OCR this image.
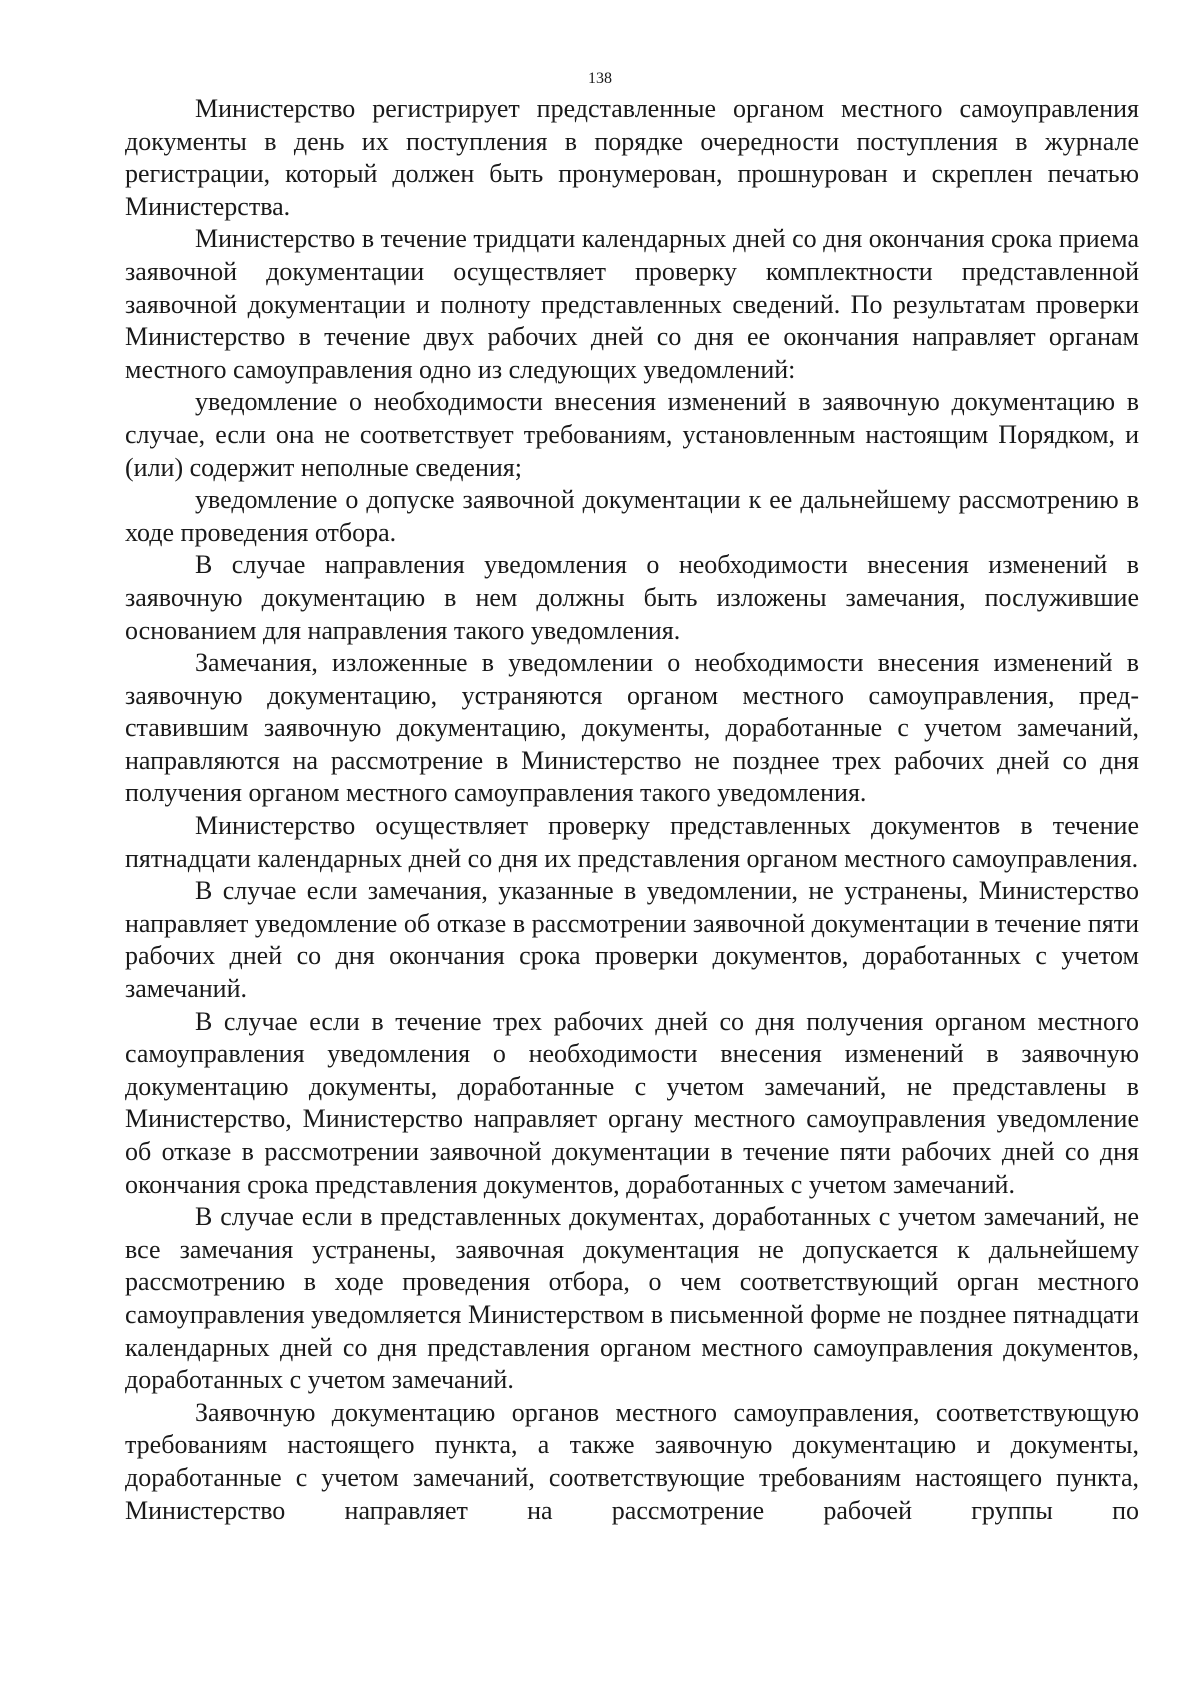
138

Министерство регистрирует представленные органом местного самоуправления документы в день их поступления в порядке очередности поступления в журнале регистрации, который должен быть пронумерован, прошнурован и скреплен печатью Министерства.

Министерство в течение тридцати календарных дней со дня окончания срока приема заявочной документации осуществляет проверку комплектности представленной заявочной документации и полноту представленных сведений. По результатам проверки Министерство в течение двух рабочих дней со дня ее окончания направляет органам местного самоуправления одно из следующих уведомлений:

уведомление о необходимости внесения изменений в заявочную документацию в случае, если она не соответствует требованиям, установленным настоящим Порядком, и (или) содержит неполные сведения;

уведомление о допуске заявочной документации к ее дальнейшему рассмотрению в ходе проведения отбора.

В случае направления уведомления о необходимости внесения изменений в заявочную документацию в нем должны быть изложены замечания, послужившие основанием для направления такого уведомления.

Замечания, изложенные в уведомлении о необходимости внесения изменений в заявочную документацию, устраняются органом местного самоуправления, представившим заявочную документацию, документы, доработанные с учетом замечаний, направляются на рассмотрение в Министерство не позднее трех рабочих дней со дня получения органом местного самоуправления такого уведомления.

Министерство осуществляет проверку представленных документов в течение пятнадцати календарных дней со дня их представления органом местного самоуправления.

В случае если замечания, указанные в уведомлении, не устранены, Министерство направляет уведомление об отказе в рассмотрении заявочной документации в течение пяти рабочих дней со дня окончания срока проверки документов, доработанных с учетом замечаний.

В случае если в течение трех рабочих дней со дня получения органом местного самоуправления уведомления о необходимости внесения изменений в заявочную документацию документы, доработанные с учетом замечаний, не представлены в Министерство, Министерство направляет органу местного самоуправления уведомление об отказе в рассмотрении заявочной документации в течение пяти рабочих дней со дня окончания срока представления документов, доработанных с учетом замечаний.

В случае если в представленных документах, доработанных с учетом замечаний, не все замечания устранены, заявочная документация не допускается к дальнейшему рассмотрению в ходе проведения отбора, о чем соответствующий орган местного самоуправления уведомляется Министерством в письменной форме не позднее пятнадцати календарных дней со дня представления органом местного самоуправления документов, доработанных с учетом замечаний.

Заявочную документацию органов местного самоуправления, соответствующую требованиям настоящего пункта, а также заявочную документацию и документы, доработанные с учетом замечаний, соответствующие требованиям настоящего пункта, Министерство направляет на рассмотрение рабочей группы по
